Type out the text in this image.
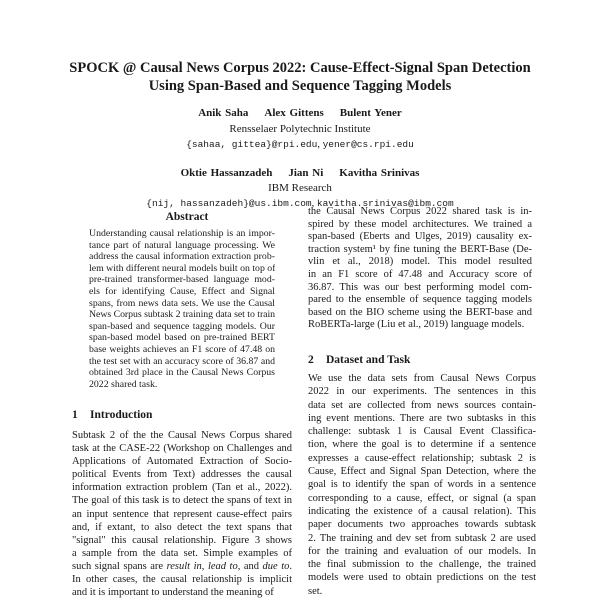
SPOCK @ Causal News Corpus 2022: Cause-Effect-Signal Span Detection
Using Span-Based and Sequence Tagging Models
Anik Saha Alex Gittens Bulent Yener
Rensselaer Polytechnic Institute
{sahaa, gittea}@rpi.edu, yener@cs.rpi.edu
Oktie Hassanzadeh Jian Ni Kavitha Srinivas
IBM Research
{nij, hassanzadeh}@us.ibm.com, kavitha.srinivas@ibm.com
Abstract
Understanding causal relationship is an impor-
tance part of natural language processing. We
address the causal information extraction prob-
lem with different neural models built on top of
pre-trained transformer-based language mod-
els for identifying Cause, Effect and Signal
spans, from news data sets. We use the Causal
News Corpus subtask 2 training data set to train
span-based and sequence tagging models. Our
span-based model based on pre-trained BERT
base weights achieves an F1 score of 47.48 on
the test set with an accuracy score of 36.87 and
obtained 3rd place in the Causal News Corpus
2022 shared task.
1 Introduction
Subtask 2 of the the Causal News Corpus shared
task at the CASE-22 (Workshop on Challenges and
Applications of Automated Extraction of Socio-
political Events from Text) addresses the causal
information extraction problem (Tan et al., 2022).
The goal of this task is to detect the spans of text in
an input sentence that represent cause-effect pairs
and, if extant, to also detect the text spans that
"signal" this causal relationship. Figure 3 shows
a sample from the data set. Simple examples of
such signal spans are result in, lead to, and due to.
In other cases, the causal relationship is implicit
and it is important to understand the meaning of
the Causal News Corpus 2022 shared task is in-
spired by these model architectures. We trained a
span-based (Eberts and Ulges, 2019) causality ex-
traction system¹ by fine tuning the BERT-Base (De-
vlin et al., 2018) model. This model resulted
in an F1 score of 47.48 and Accuracy score of
36.87. This was our best performing model com-
pared to the ensemble of sequence tagging models
based on the BIO scheme using the BERT-base and
RoBERTa-large (Liu et al., 2019) language models.
2 Dataset and Task
We use the data sets from Causal News Corpus
2022 in our experiments. The sentences in this
data set are collected from news sources contain-
ing event mentions. There are two subtasks in this
challenge: subtask 1 is Causal Event Classifica-
tion, where the goal is to determine if a sentence
expresses a cause-effect relationship; subtask 2 is
Cause, Effect and Signal Span Detection, where the
goal is to identify the span of words in a sentence
corresponding to a cause, effect, or signal (a span
indicating the existence of a causal relation). This
paper documents two approaches towards subtask
2. The training and dev set from subtask 2 are used
for the training and evaluation of our models. In
the final submission to the challenge, the trained
models were used to obtain predictions on the test
set.
